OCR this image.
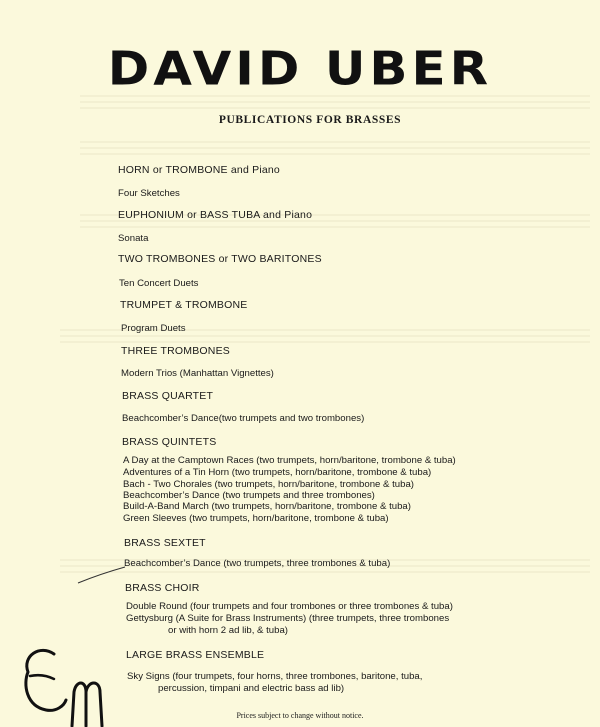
DAVID UBER
PUBLICATIONS FOR BRASSES
HORN or TROMBONE and Piano
Four Sketches
EUPHONIUM or BASS TUBA and Piano
Sonata
TWO TROMBONES or TWO BARITONES
Ten Concert Duets
TRUMPET & TROMBONE
Program Duets
THREE TROMBONES
Modern Trios (Manhattan Vignettes)
BRASS QUARTET
Beachcomber’s Dance(two trumpets and two trombones)
BRASS QUINTETS
A Day at the Camptown Races (two trumpets, horn/baritone, trombone & tuba)
Adventures of a Tin Horn (two trumpets, horn/baritone, trombone & tuba)
Bach - Two Chorales (two trumpets, horn/baritone, trombone & tuba)
Beachcomber’s Dance (two trumpets and three trombones)
Build-A-Band March (two trumpets, horn/baritone, trombone & tuba)
Green Sleeves (two trumpets, horn/baritone, trombone & tuba)
BRASS SEXTET
Beachcomber’s Dance (two trumpets, three trombones & tuba)
BRASS CHOIR
Double Round (four trumpets and four trombones or three trombones & tuba)
Gettysburg (A Suite for Brass Instruments) (three trumpets, three trombones
or with horn 2 ad lib, & tuba)
LARGE BRASS ENSEMBLE
Sky Signs (four trumpets, four horns, three trombones, baritone, tuba,
percussion, timpani and electric bass ad lib)
Prices subject to change without notice.
